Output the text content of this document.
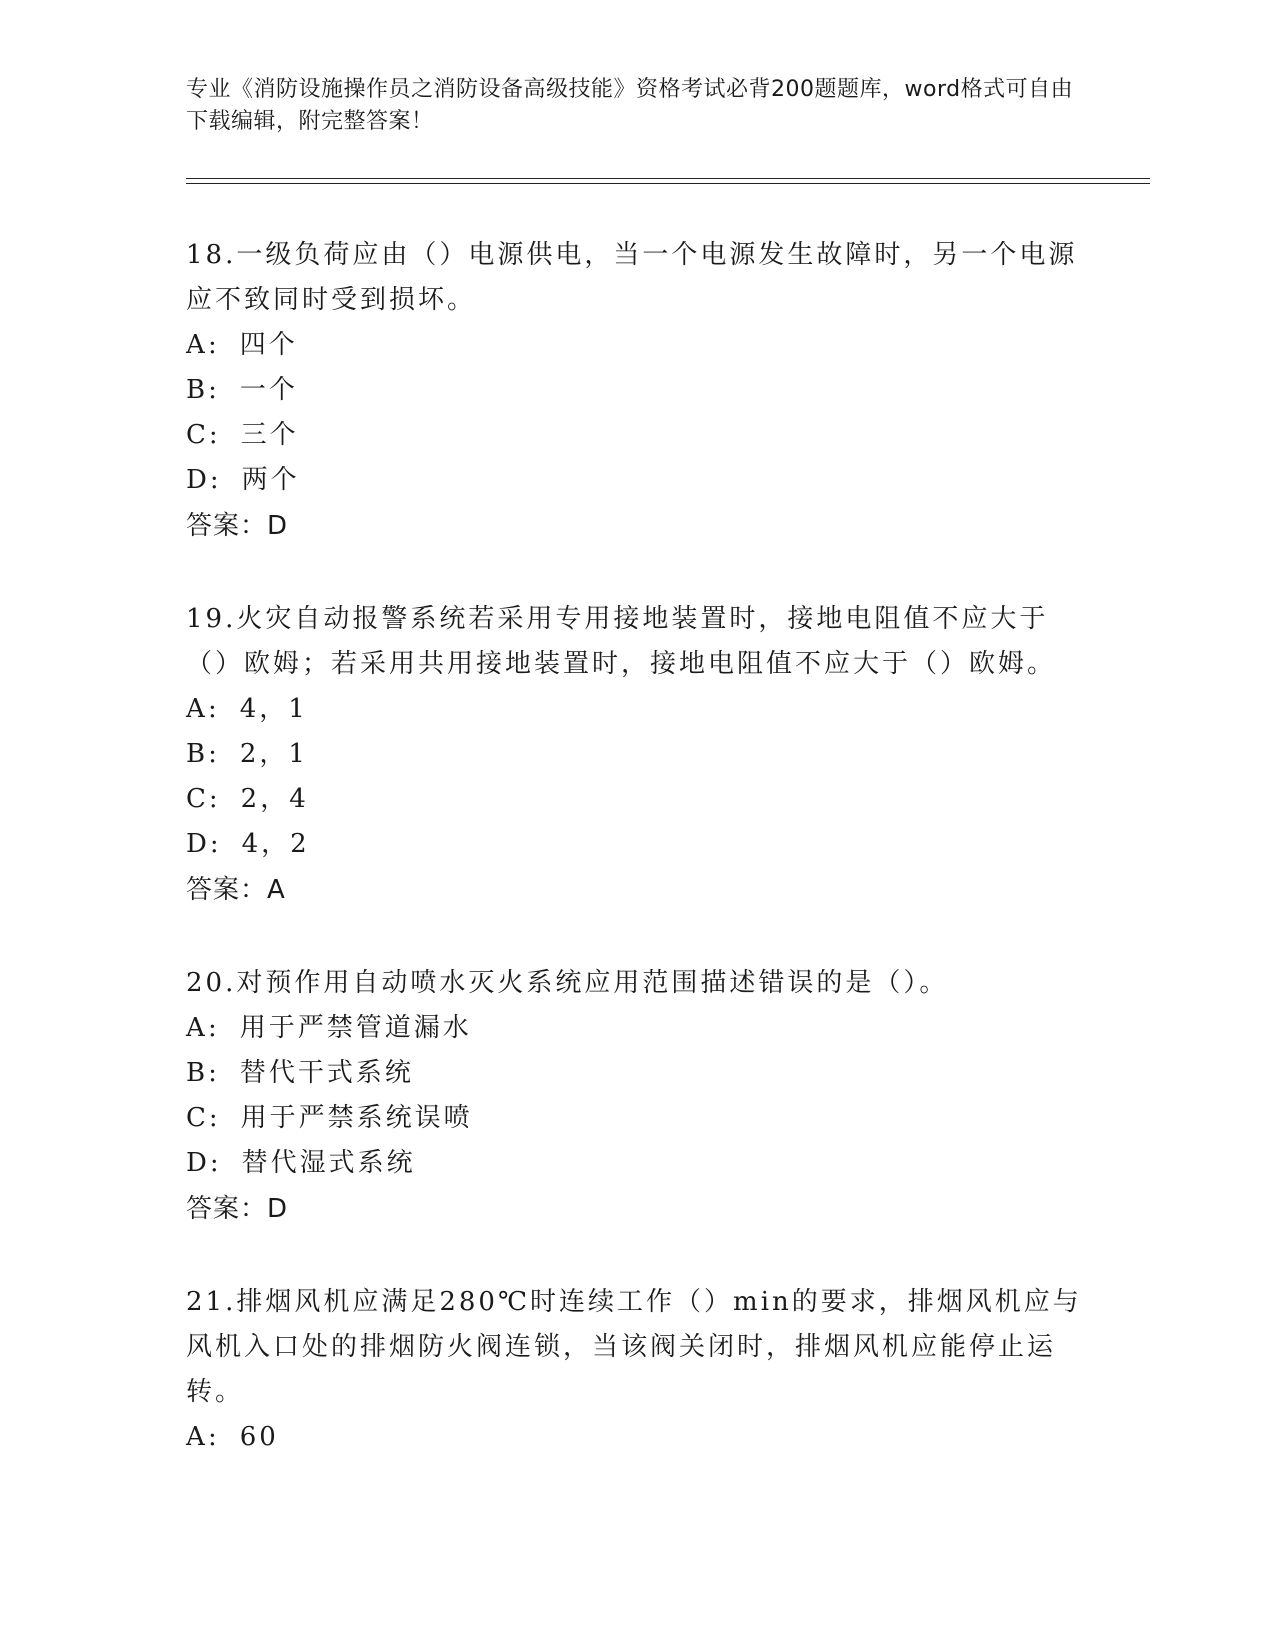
专业《消防设施操作员之消防设备高级技能》资格考试必背200题题库，word格式可自由下载编辑，附完整答案！

18.一级负荷应由（）电源供电，当一个电源发生故障时，另一个电源应不致同时受到损坏。

A: 四个

B: 一个

C: 三个

D: 两个

答案：D

19.火灾自动报警系统若采用专用接地装置时，接地电阻值不应大于（）欧姆；若采用共用接地装置时，接地电阻值不应大于（）欧姆。

A: 4，1

B: 2，1

C: 2，4

D: 4，2

答案：A

20.对预作用自动喷水灭火系统应用范围描述错误的是（）。

A: 用于严禁管道漏水

B: 替代干式系统

C: 用于严禁系统误喷

D: 替代湿式系统

答案：D

21.排烟风机应满足280℃时连续工作（）min的要求，排烟风机应与风机入口处的排烟防火阀连锁，当该阀关闭时，排烟风机应能停止运转。

A: 60
